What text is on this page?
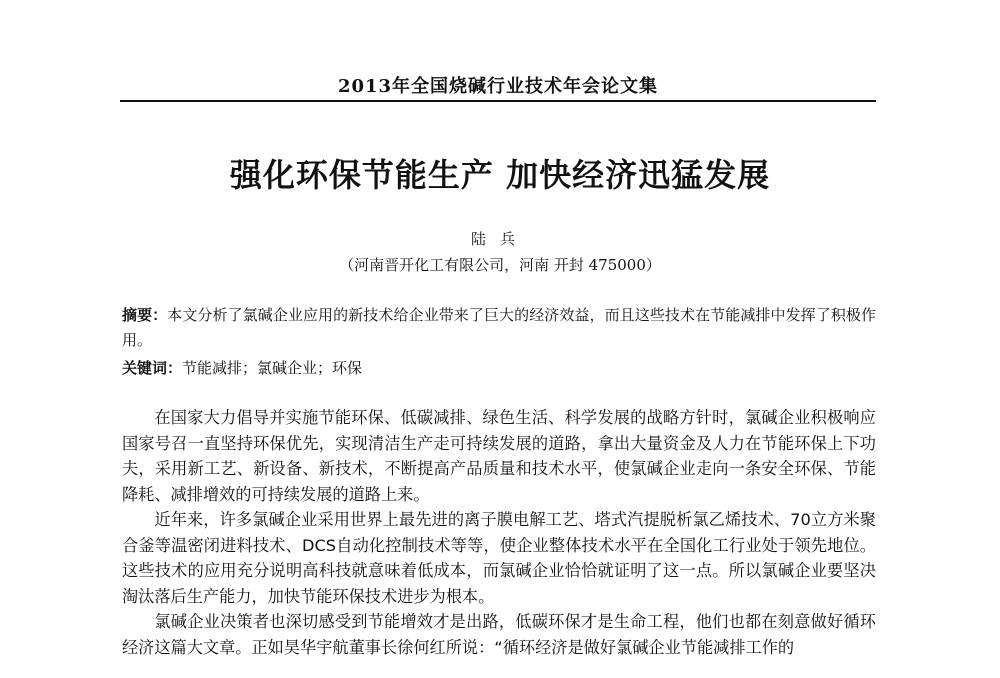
2013年全国烧碱行业技术年会论文集
强化环保节能生产 加快经济迅猛发展
陆兵
（河南晋开化工有限公司，河南 开封 475000）
摘要：本文分析了氯碱企业应用的新技术给企业带来了巨大的经济效益，而且这些技术在节能减排中发挥了积极作用。
关键词：节能减排；氯碱企业；环保

在国家大力倡导并实施节能环保、低碳减排、绿色生活、科学发展的战略方针时，氯碱企业积极响应国家号召一直坚持环保优先，实现清洁生产走可持续发展的道路，拿出大量资金及人力在节能环保上下功夫，采用新工艺、新设备、新技术，不断提高产品质量和技术水平，使氯碱企业走向一条安全环保、节能降耗、减排增效的可持续发展的道路上来。

近年来，许多氯碱企业采用世界上最先进的离子膜电解工艺、塔式汽提脱析氯乙烯技术、70立方米聚合釜等温密闭进料技术、DCS自动化控制技术等等，使企业整体技术水平在全国化工行业处于领先地位。这些技术的应用充分说明高科技就意味着低成本，而氯碱企业恰恰就证明了这一点。所以氯碱企业要坚决淘汰落后生产能力，加快节能环保技术进步为根本。

氯碱企业决策者也深切感受到节能增效才是出路，低碳环保才是生命工程，他们也都在刻意做好循环经济这篇大文章。正如昊华宇航董事长徐何红所说：“循环经济是做好氯碱企业节能减排工作的
